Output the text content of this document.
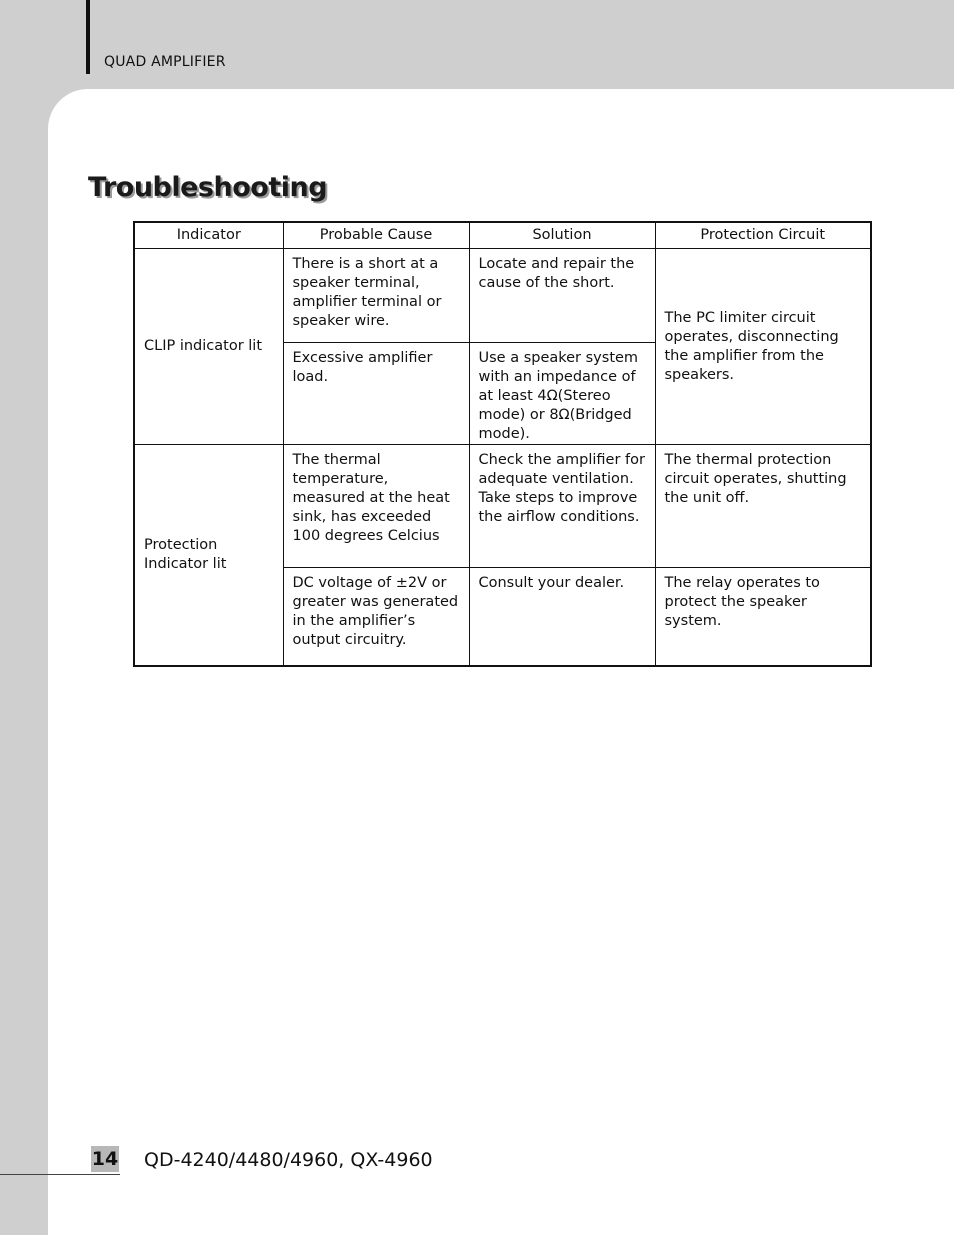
QUAD AMPLIFIER
Troubleshooting
Indicator	Probable Cause	Solution	Protection Circuit
CLIP indicator lit	There is a short at a speaker terminal, amplifier terminal or speaker wire.	Locate and repair the cause of the short.	The PC limiter circuit operates, disconnecting the amplifier from the speakers.
	Excessive amplifier load.	Use a speaker system with an impedance of at least 4Ω(Stereo mode) or 8Ω(Bridged mode).	
Protection Indicator lit	The thermal temperature, measured at the heat sink, has exceeded 100 degrees Celcius	Check the amplifier for adequate ventilation. Take steps to improve the airflow conditions.	The thermal protection circuit operates, shutting the unit off.
	DC voltage of ±2V or greater was generated in the amplifier’s output circuitry.	Consult your dealer.	The relay operates to protect the speaker system.
14 QD-4240/4480/4960, QX-4960
